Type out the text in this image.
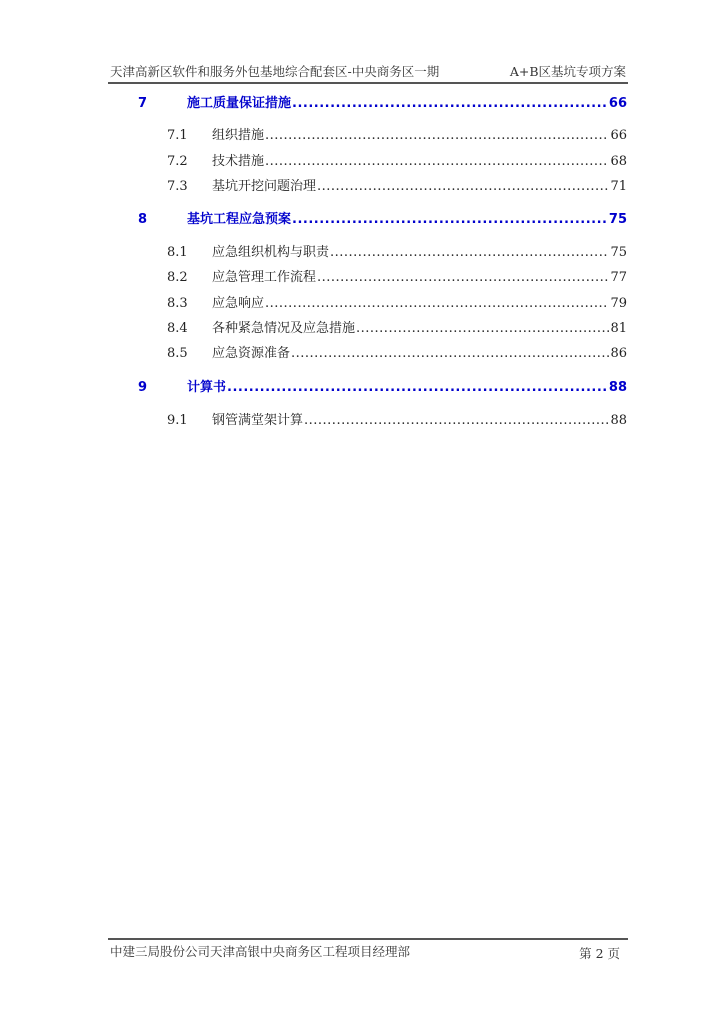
天津高新区软件和服务外包基地综合配套区-中央商务区一期	A+B区基坑专项方案
7	施工质量保证措施 .....	66
7.1 组织措施 .....	66
7.2 技术措施 .....	68
7.3 基坑开挖问题治理 .....	71
8	基坑工程应急预案 .....	75
8.1 应急组织机构与职责 .....	75
8.2 应急管理工作流程 .....	77
8.3 应急响应 .....	79
8.4 各种紧急情况及应急措施 .....	81
8.5 应急资源准备 .....	86
9	计算书 .....	88
9.1 钢管满堂架计算 .....	88
中建三局股份公司天津高银中央商务区工程项目经理部	第 2 页
